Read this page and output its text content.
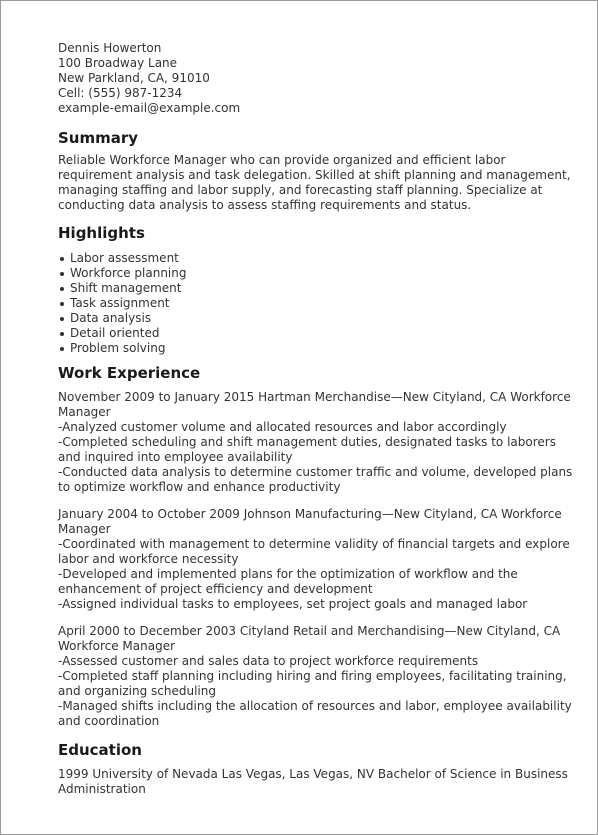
Dennis Howerton
100 Broadway Lane
New Parkland, CA, 91010
Cell: (555) 987-1234
example-email@example.com
Summary
Reliable Workforce Manager who can provide organized and efficient labor requirement analysis and task delegation. Skilled at shift planning and management, managing staffing and labor supply, and forecasting staff planning. Specialize at conducting data analysis to assess staffing requirements and status.
Highlights
Labor assessment
Workforce planning
Shift management
Task assignment
Data analysis
Detail oriented
Problem solving
Work Experience
November 2009 to January 2015 Hartman Merchandise—New Cityland, CA Workforce Manager
-Analyzed customer volume and allocated resources and labor accordingly
-Completed scheduling and shift management duties, designated tasks to laborers and inquired into employee availability
-Conducted data analysis to determine customer traffic and volume, developed plans to optimize workflow and enhance productivity
January 2004 to October 2009 Johnson Manufacturing—New Cityland, CA Workforce Manager
-Coordinated with management to determine validity of financial targets and explore labor and workforce necessity
-Developed and implemented plans for the optimization of workflow and the enhancement of project efficiency and development
-Assigned individual tasks to employees, set project goals and managed labor
April 2000 to December 2003 Cityland Retail and Merchandising—New Cityland, CA Workforce Manager
-Assessed customer and sales data to project workforce requirements
-Completed staff planning including hiring and firing employees, facilitating training, and organizing scheduling
-Managed shifts including the allocation of resources and labor, employee availability and coordination
Education
1999 University of Nevada Las Vegas, Las Vegas, NV Bachelor of Science in Business Administration
